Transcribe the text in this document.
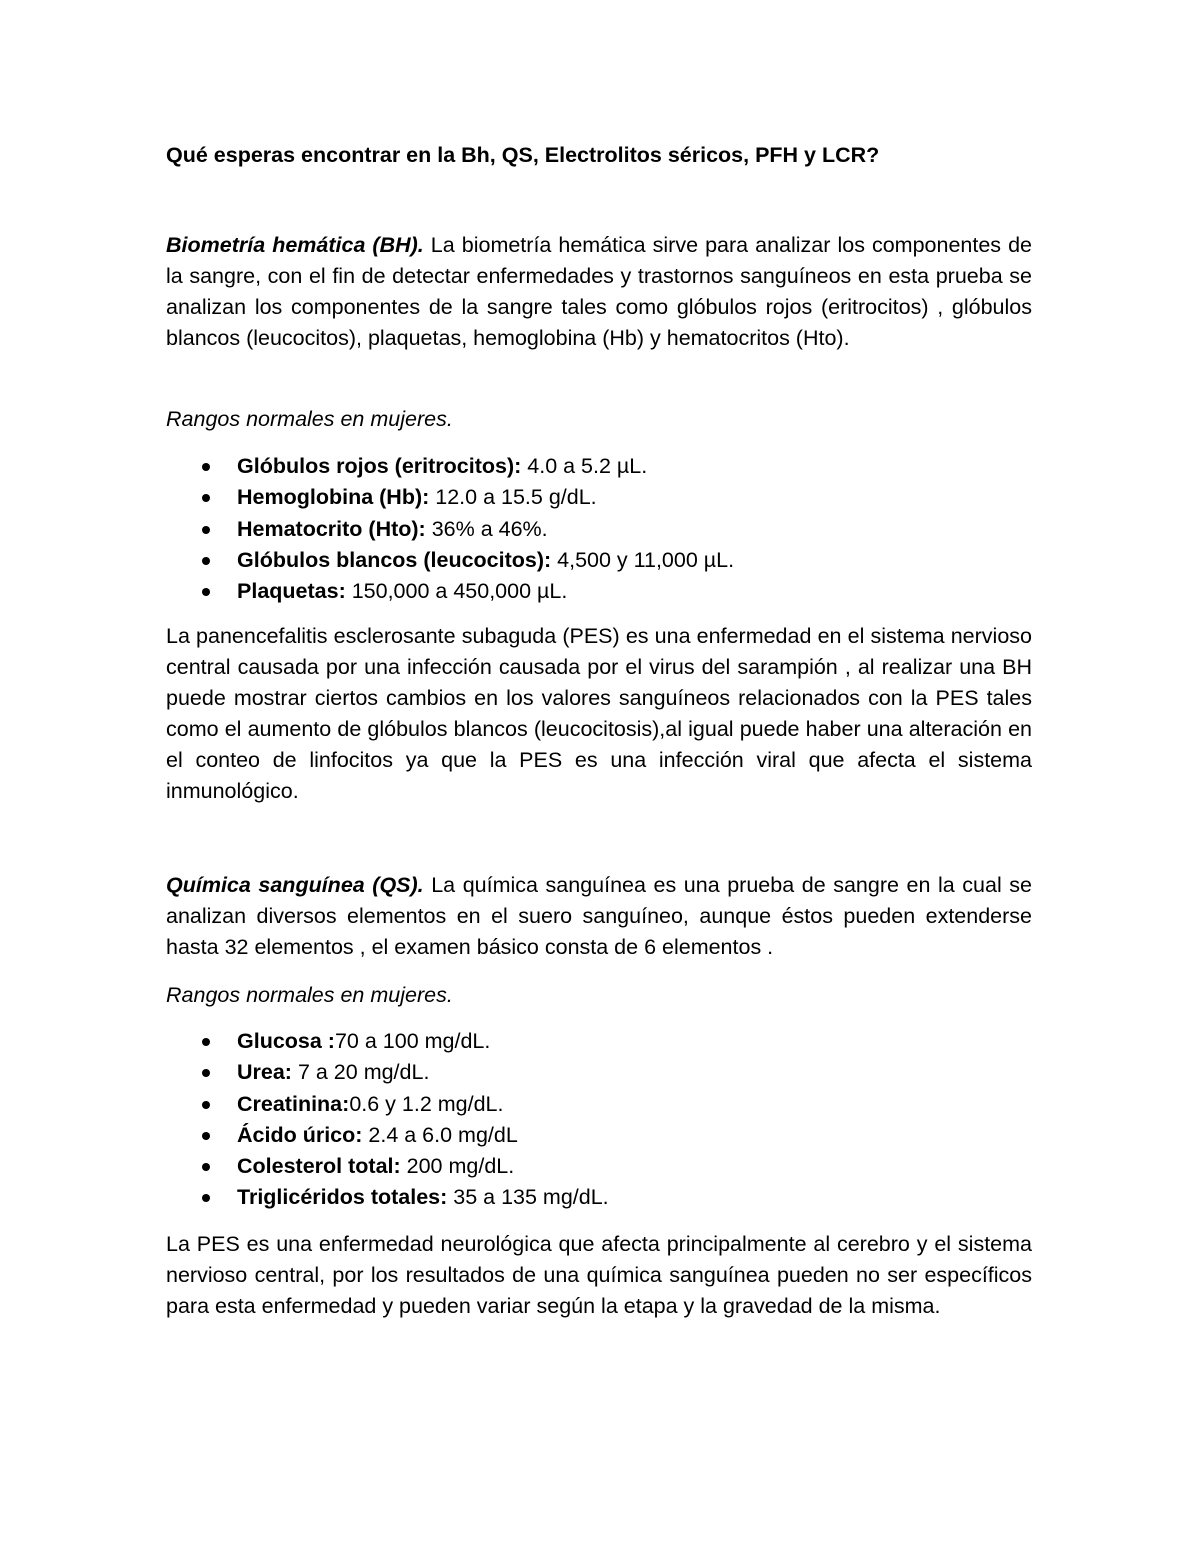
Qué esperas encontrar en la Bh, QS, Electrolitos séricos, PFH y LCR?

Biometría hemática (BH). La biometría hemática sirve para analizar los componentes de la sangre, con el fin de detectar enfermedades y trastornos sanguíneos en esta prueba se analizan los componentes de la sangre tales como glóbulos rojos (eritrocitos) , glóbulos blancos (leucocitos), plaquetas, hemoglobina (Hb) y hematocritos (Hto).

Rangos normales en mujeres.

Glóbulos rojos (eritrocitos): 4.0 a 5.2 µL.
Hemoglobina (Hb): 12.0 a 15.5 g/dL.
Hematocrito (Hto): 36% a 46%.
Glóbulos blancos (leucocitos): 4,500 y 11,000 µL.
Plaquetas: 150,000 a 450,000 µL.

La panencefalitis esclerosante subaguda (PES) es una enfermedad en el sistema nervioso central causada por una infección causada por el virus del sarampión , al realizar una BH puede mostrar ciertos cambios en los valores sanguíneos relacionados con la PES tales como el aumento de glóbulos blancos (leucocitosis),al igual puede haber una alteración en el conteo de linfocitos ya que la PES es una infección viral que afecta el sistema inmunológico.

Química sanguínea (QS). La química sanguínea es una prueba de sangre en la cual se analizan diversos elementos en el suero sanguíneo, aunque éstos pueden extenderse hasta 32 elementos , el examen básico consta de 6 elementos .

Rangos normales en mujeres.

Glucosa :70 a 100 mg/dL.
Urea: 7 a 20 mg/dL.
Creatinina:0.6 y 1.2 mg/dL.
Ácido úrico: 2.4 a 6.0 mg/dL
Colesterol total: 200 mg/dL.
Triglicéridos totales: 35 a 135 mg/dL.

La PES es una enfermedad neurológica que afecta principalmente al cerebro y el sistema nervioso central, por los resultados de una química sanguínea pueden no ser específicos para esta enfermedad y pueden variar según la etapa y la gravedad de la misma.
